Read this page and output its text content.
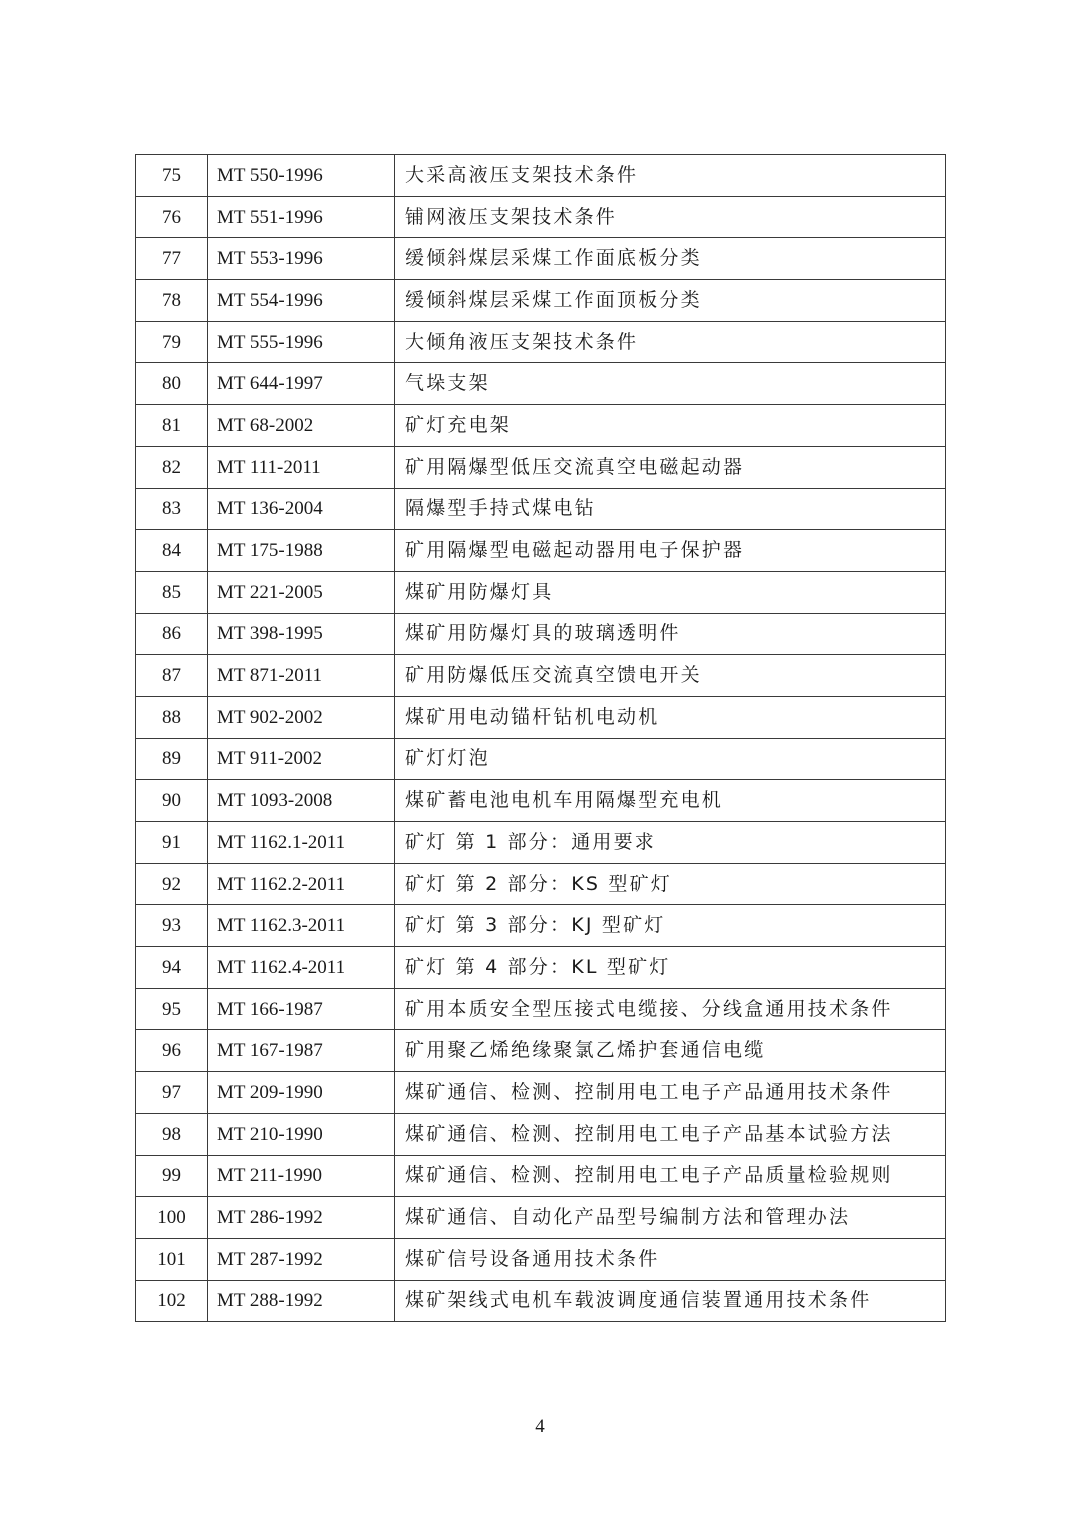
75	MT 550-1996	大采高液压支架技术条件
76	MT 551-1996	铺网液压支架技术条件
77	MT 553-1996	缓倾斜煤层采煤工作面底板分类
78	MT 554-1996	缓倾斜煤层采煤工作面顶板分类
79	MT 555-1996	大倾角液压支架技术条件
80	MT 644-1997	气垛支架
81	MT 68-2002	矿灯充电架
82	MT 111-2011	矿用隔爆型低压交流真空电磁起动器
83	MT 136-2004	隔爆型手持式煤电钻
84	MT 175-1988	矿用隔爆型电磁起动器用电子保护器
85	MT 221-2005	煤矿用防爆灯具
86	MT 398-1995	煤矿用防爆灯具的玻璃透明件
87	MT 871-2011	矿用防爆低压交流真空馈电开关
88	MT 902-2002	煤矿用电动锚杆钻机电动机
89	MT 911-2002	矿灯灯泡
90	MT 1093-2008	煤矿蓄电池电机车用隔爆型充电机
91	MT 1162.1-2011	矿灯 第 1 部分：通用要求
92	MT 1162.2-2011	矿灯 第 2 部分：KS 型矿灯
93	MT 1162.3-2011	矿灯 第 3 部分：KJ 型矿灯
94	MT 1162.4-2011	矿灯 第 4 部分：KL 型矿灯
95	MT 166-1987	矿用本质安全型压接式电缆接、分线盒通用技术条件
96	MT 167-1987	矿用聚乙烯绝缘聚氯乙烯护套通信电缆
97	MT 209-1990	煤矿通信、检测、控制用电工电子产品通用技术条件
98	MT 210-1990	煤矿通信、检测、控制用电工电子产品基本试验方法
99	MT 211-1990	煤矿通信、检测、控制用电工电子产品质量检验规则
100	MT 286-1992	煤矿通信、自动化产品型号编制方法和管理办法
101	MT 287-1992	煤矿信号设备通用技术条件
102	MT 288-1992	煤矿架线式电机车载波调度通信装置通用技术条件
4
